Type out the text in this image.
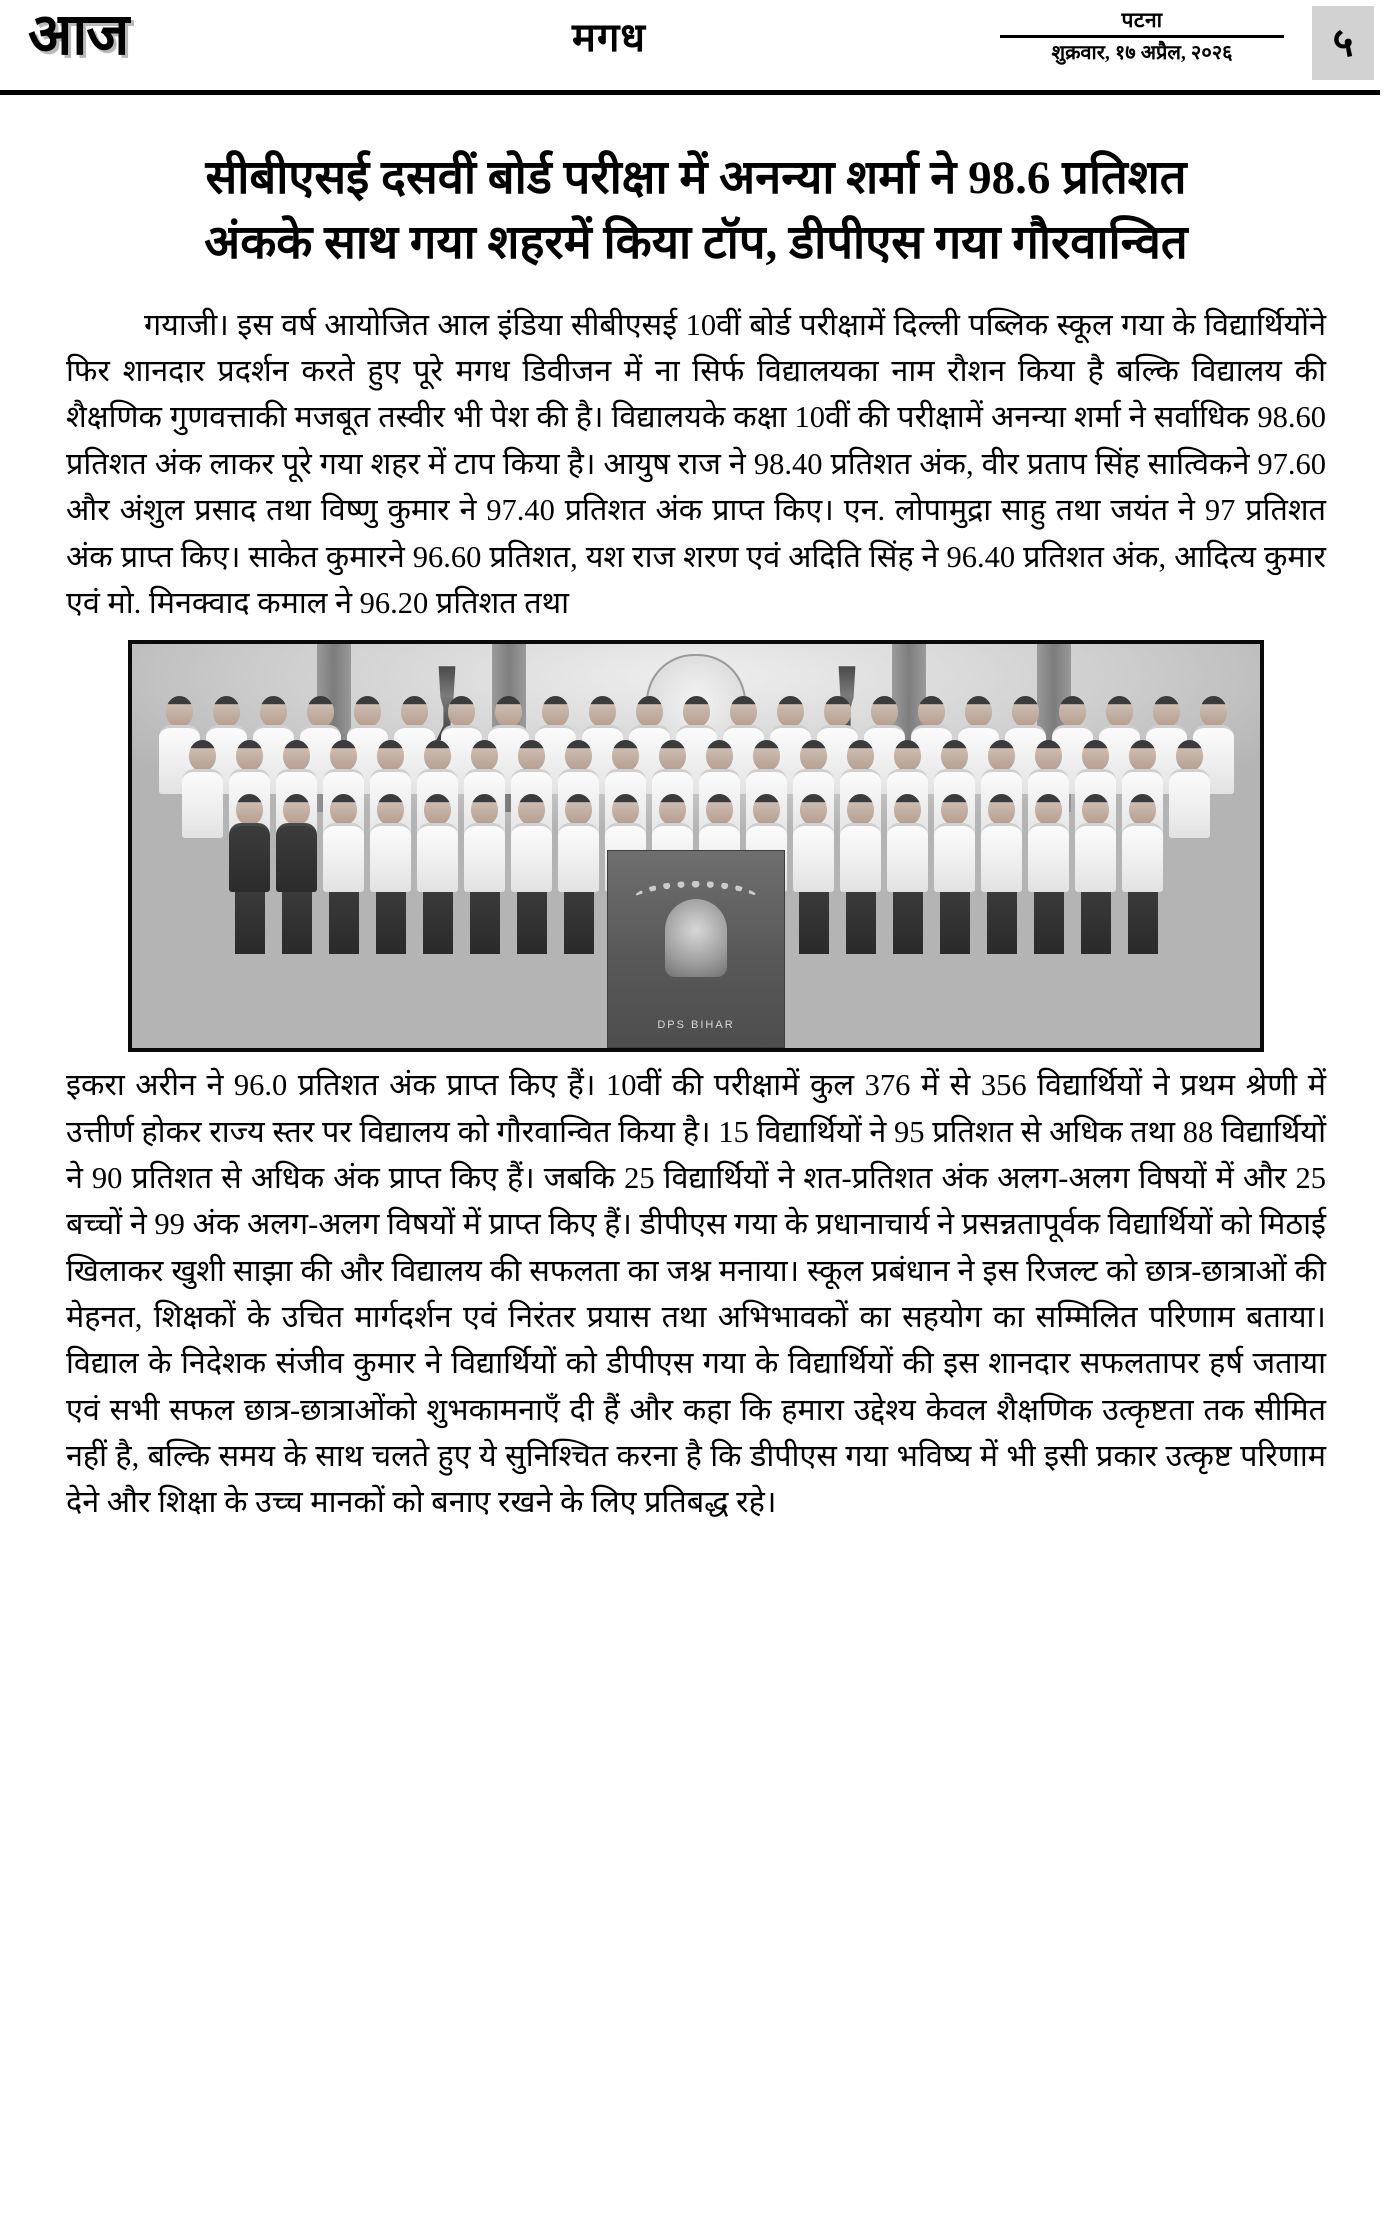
आज	मगध	पटना
शुक्रवार, १७ अप्रैल, २०२६	५
सीबीएसई दसवीं बोर्ड परीक्षा में अनन्या शर्मा ने 98.6 प्रतिशत
अंकके साथ गया शहरमें किया टॉप, डीपीएस गया गौरवान्वित

गयाजी। इस वर्ष आयोजित आल इंडिया सीबीएसई 10वीं बोर्ड परीक्षामें दिल्ली पब्लिक स्कूल गया के विद्यार्थियोंने फिर शानदार प्रदर्शन करते हुए पूरे मगध डिवीजन में ना सिर्फ विद्यालयका नाम रौशन किया है बल्कि विद्यालय की शैक्षणिक गुणवत्ताकी मजबूत तस्वीर भी पेश की है। विद्यालयके कक्षा 10वीं की परीक्षामें अनन्या शर्मा ने सर्वाधिक 98.60 प्रतिशत अंक लाकर पूरे गया शहर में टाप किया है। आयुष राज ने 98.40 प्रतिशत अंक, वीर प्रताप सिंह सात्विकने 97.60 और अंशुल प्रसाद तथा विष्णु कुमार ने 97.40 प्रतिशत अंक प्राप्त किए। एन. लोपामुद्रा साहु तथा जयंत ने 97 प्रतिशत अंक प्राप्त किए। साकेत कुमारने 96.60 प्रतिशत, यश राज शरण एवं अदिति सिंह ने 96.40 प्रतिशत अंक, आदित्य कुमार एवं मो. मिनक्वाद कमाल ने 96.20 प्रतिशत तथा

DPS BIHAR

इकरा अरीन ने 96.0 प्रतिशत अंक प्राप्त किए हैं। 10वीं की परीक्षामें कुल 376 में से 356 विद्यार्थियों ने प्रथम श्रेणी में उत्तीर्ण होकर राज्य स्तर पर विद्यालय को गौरवान्वित किया है। 15 विद्यार्थियों ने 95 प्रतिशत से अधिक तथा 88 विद्यार्थियों ने 90 प्रतिशत से अधिक अंक प्राप्त किए हैं। जबकि 25 विद्यार्थियों ने शत-प्रतिशत अंक अलग-अलग विषयों में और 25 बच्चों ने 99 अंक अलग-अलग विषयों में प्राप्त किए हैं। डीपीएस गया के प्रधानाचार्य ने प्रसन्नतापूर्वक विद्यार्थियों को मिठाई खिलाकर खुशी साझा की और विद्यालय की सफलता का जश्न मनाया। स्कूल प्रबंधान ने इस रिजल्ट को छात्र-छात्राओं की मेहनत, शिक्षकों के उचित मार्गदर्शन एवं निरंतर प्रयास तथा अभिभावकों का सहयोग का सम्मिलित परिणाम बताया।विद्याल के निदेशक संजीव कुमार ने विद्यार्थियों को डीपीएस गया के विद्यार्थियों की इस शानदार सफलतापर हर्ष जताया एवं सभी सफल छात्र-छात्राओंको शुभकामनाएँ दी हैं और कहा कि हमारा उद्देश्य केवल शैक्षणिक उत्कृष्टता तक सीमित नहीं है, बल्कि समय के साथ चलते हुए ये सुनिश्चित करना है कि डीपीएस गया भविष्य में भी इसी प्रकार उत्कृष्ट परिणाम देने और शिक्षा के उच्च मानकों को बनाए रखने के लिए प्रतिबद्ध रहे।
